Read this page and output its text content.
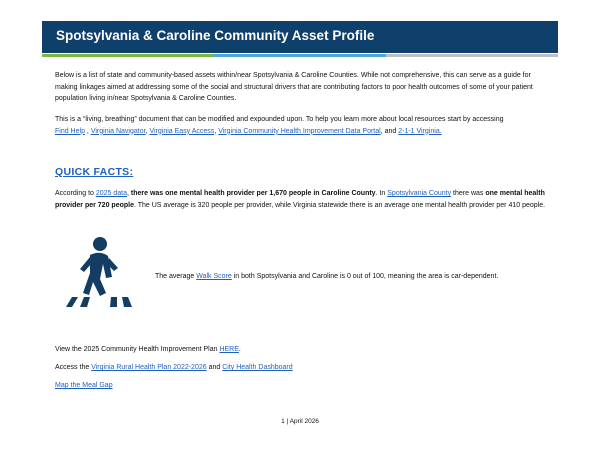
Spotsylvania & Caroline Community Asset Profile
Below is a list of state and community-based assets within/near Spotsylvania & Caroline Counties. While not comprehensive, this can serve as a guide for making linkages aimed at addressing some of the social and structural drivers that are contributing factors to poor health outcomes of some of your patient population living in/near Spotsylvania & Caroline Counties.
This is a “living, breathing” document that can be modified and expounded upon. To help you learn more about local resources start by accessing
Find Help , Virginia Navigator, Virginia Easy Access, Virginia Community Health Improvement Data Portal, and 2-1-1 Virginia.
QUICK FACTS:
According to 2025 data, there was one mental health provider per 1,670 people in Caroline County. In Spotsylvania County there was one mental health provider per 720 people. The US average is 320 people per provider, while Virginia statewide there is an average one mental health provider per 410 people.
The average Walk Score in both Spotsylvania and Caroline is 0 out of 100, meaning the area is car-dependent.
View the 2025 Community Health Improvement Plan HERE.
Access the Virginia Rural Health Plan 2022-2026 and City Health Dashboard
Map the Meal Gap
1 | April 2026
